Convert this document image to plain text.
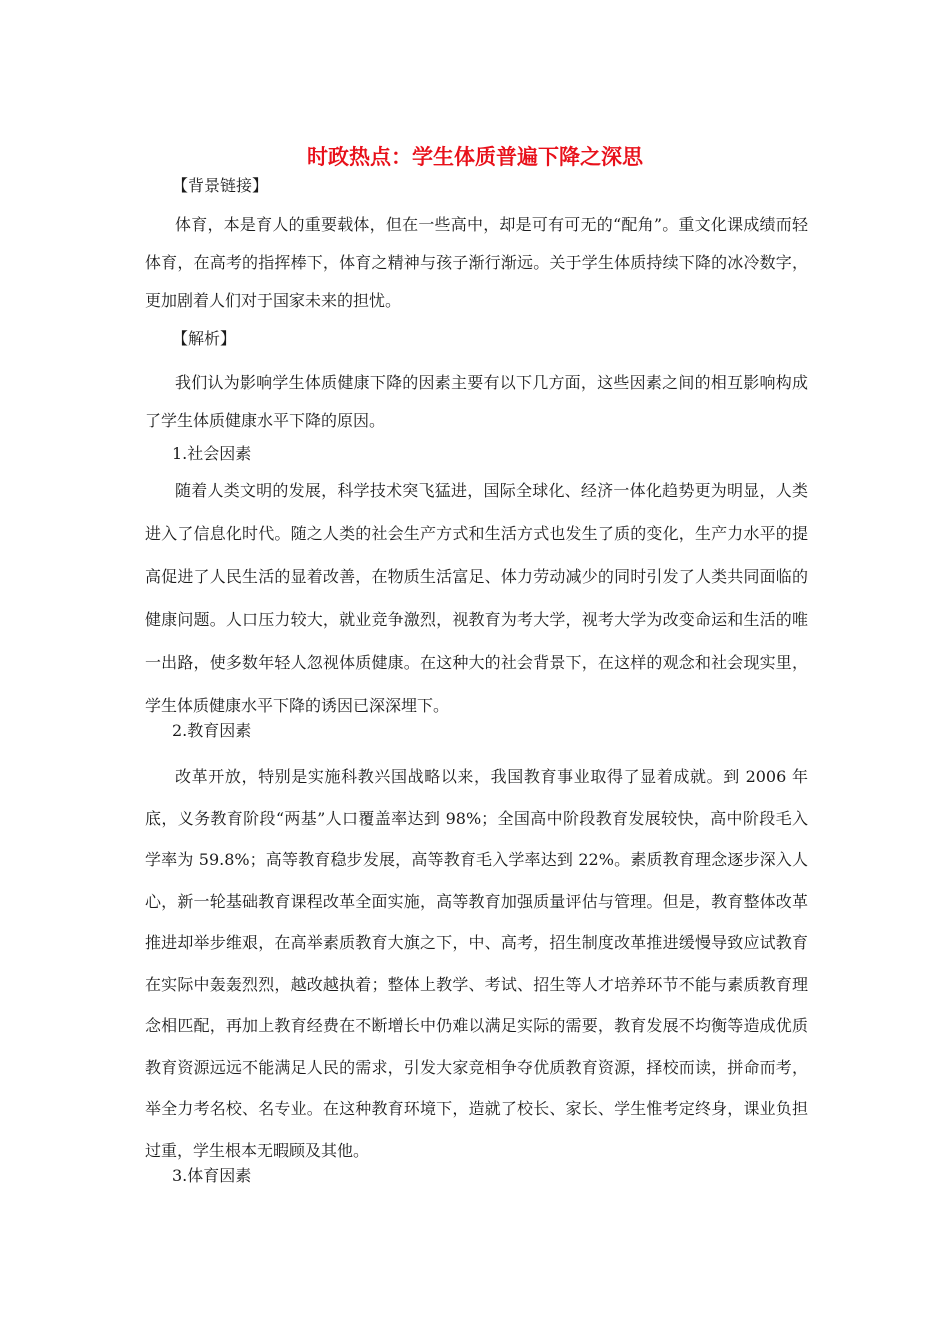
时政热点：学生体质普遍下降之深思
【背景链接】
体育，本是育人的重要载体，但在一些高中，却是可有可无的“配角”。重文化课成绩而轻体育，在高考的指挥棒下，体育之精神与孩子渐行渐远。关于学生体质持续下降的冰冷数字，更加剧着人们对于国家未来的担忧。
【解析】
我们认为影响学生体质健康下降的因素主要有以下几方面，这些因素之间的相互影响构成了学生体质健康水平下降的原因。
1.社会因素
随着人类文明的发展，科学技术突飞猛进，国际全球化、经济一体化趋势更为明显，人类进入了信息化时代。随之人类的社会生产方式和生活方式也发生了质的变化，生产力水平的提高促进了人民生活的显着改善，在物质生活富足、体力劳动减少的同时引发了人类共同面临的健康问题。人口压力较大，就业竞争激烈，视教育为考大学，视考大学为改变命运和生活的唯一出路，使多数年轻人忽视体质健康。在这种大的社会背景下，在这样的观念和社会现实里，学生体质健康水平下降的诱因已深深埋下。
2.教育因素
改革开放，特别是实施科教兴国战略以来，我国教育事业取得了显着成就。到 2006 年底，义务教育阶段“两基”人口覆盖率达到 98%；全国高中阶段教育发展较快，高中阶段毛入学率为 59.8%；高等教育稳步发展，高等教育毛入学率达到 22%。素质教育理念逐步深入人心，新一轮基础教育课程改革全面实施，高等教育加强质量评估与管理。但是，教育整体改革推进却举步维艰，在高举素质教育大旗之下，中、高考，招生制度改革推进缓慢导致应试教育在实际中轰轰烈烈，越改越执着；整体上教学、考试、招生等人才培养环节不能与素质教育理念相匹配，再加上教育经费在不断增长中仍难以满足实际的需要，教育发展不均衡等造成优质教育资源远远不能满足人民的需求，引发大家竞相争夺优质教育资源，择校而读，拼命而考，举全力考名校、名专业。在这种教育环境下，造就了校长、家长、学生惟考定终身，课业负担过重，学生根本无暇顾及其他。
3.体育因素
